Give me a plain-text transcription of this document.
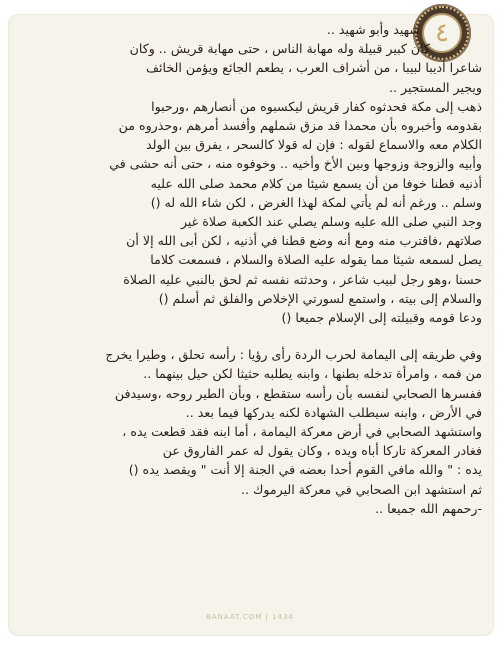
٤
شهيد وأبو شهيد ..
كان كبير قبيلة وله مهابة الناس ، حتى مهابة قريش .. وكان
شاعرا أديبا لبيبا ، من أشراف العرب ، يطعم الجائع ويؤمن الخائف
ويجير المستجير ..
ذهب إلى مكة فحدثوه كفار قريش ليكسبوه من أنصارهم ،ورحبوا
بقدومه وأخبروه بأن محمدا قد مزق شملهم وأفسد أمرهم ،وحذروه من
الكلام معه والاسماع لقوله : فإن له قولا كالسحر ، يفرق بين الولد
وأبيه والزوجة وزوجها وبين الأخ وأخيه .. وخوفوه منه ، حتى أنه حشى في
أذنيه قطنا خوفا من أن يسمع شيئا من كلام محمد صلى الله عليه
وسلم .. ورغم أنه لم يأتي لمكة لهذا الغرض ، لكن شاء الله له ()
وجد النبي صلى الله عليه وسلم يصلي عند الكعبة صلاة غير
صلاتهم ،فاقترب منه ومع أنه وضع قطنا في أذنيه ، لكن أبى الله إلا أن
يصل لسمعه شيئا مما يقوله عليه الصلاة والسلام ، فسمعت كلاما
حسنا ،وهو رجل لبيب شاعر ، وحدثته نفسه ثم لحق بالنبي عليه الصلاة
والسلام إلى بيته ، واستمع لسورتي الإخلاص والفلق ثم أسلم ()
ودعا قومه وقبيلته إلى الإسلام جميعا ()
وفي طريقه إلى اليمامة لحرب الردة رأى رؤيا : رأسه تحلق ، وطيرا يخرج
من فمه ، وامرأة تدخله بطنها ، وابنه يطلبه حثيثا لكن حيل بينهما ..
ففسرها الصحابي لنفسه بأن رأسه ستقطع ، وبأن الطير روحه ،وسيدفن
في الأرض ، وابنه سيطلب الشهادة لكنه يدركها فيما بعد ..
واستشهد الصحابي في أرض معركة اليمامة ، أما ابنه فقد قطعت يده ،
فغادر المعركة تاركا أباه ويده ، وكان يقول له عمر الفاروق عن
يده : " والله مافي القوم أحدا بعضه في الجنة إلا أنت " ويقصد يده ()
ثم استشهد ابن الصحابي في معركة اليرموك ..
-رحمهم الله جميعا ..
BANAAT.COM | 1434
